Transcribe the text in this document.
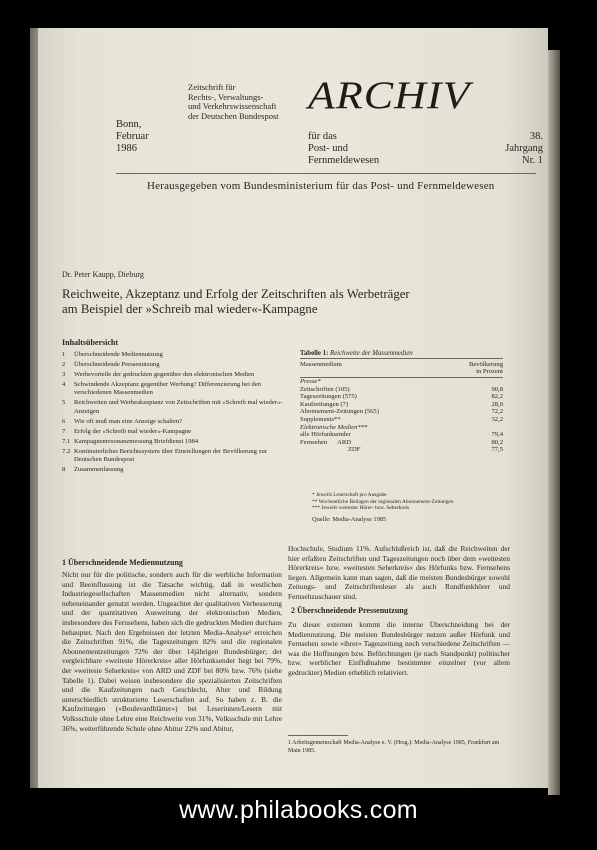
Zeitschrift für
Rechts-, Verwaltungs-
und Verkehrswissenschaft
der Deutschen Bundespost ARCHIV
Bonn,
Februar
1986
für das
Post- und
Fernmeldewesen
38.
Jahrgang
Nr. 1
Herausgegeben vom Bundesministerium für das Post- und Fernmeldewesen
Dr. Peter Kaupp, Dieburg
Reichweite, Akzeptanz und Erfolg der Zeitschriften als Werbeträger
am Beispiel der »Schreib mal wieder«-Kampagne
Inhaltsübersicht
1	Überschneidende Mediennutzung
2	Überschneidende Pressenutzung
3	Werbevorteile der gedruckten gegenüber den elektronischen Medien
4	Schwindende Akzeptanz gegenüber Werbung? Differenzierung bei den verschiedenen Massenmedien
5	Reichweiten und Werbeakzeptanz von Zeitschriften mit »Schreib mal wieder«-Anzeigen
6	Wie oft muß man eine Anzeige schalten?
7	Erfolg der »Schreib mal wieder«-Kampagne
7.1 Kampagnenresonanzmessung Briefdienst 1984
7.2 Kontinuierliches Berichtssystem über Einstellungen der Bevölkerung zur Deutschen Bundespost
8	Zusammenfassung
Tabelle 1: Reichweite der Massenmedien
Massenmedium	Bevölkerung
in Prozent

Presse*	
Zeitschriften (105)	90,8
Tageszeitungen (575)	82,2
Kaufzeitungen (7)	28,0
Abonnement-Zeitungen (565)	72,2
Supplements**	32,2
Elektronische Medien***	
alle Hörfunksender	79,4
Fernsehen ARD	80,2
ZDF	77,5
* Jeweils Leserschaft pro Ausgabe
** Wochentliche Beilagen der regionalen Abonnement-Zeitungen
*** Jeweils weitester Hörer- bzw. Seherkreis
Quelle: Media-Analyse 1985
1 Überschneidende Mediennutzung
Nicht nur für die politische, sondern auch für die werbliche Information und Beeinflussung ist die Tatsache wichtig, daß in westlichen Industriegesellschaften Massenmedien nicht alternativ, sondern nebeneinander genutzt werden. Ungeachtet der qualitativen Verbesserung und der quantitativen Ausweitung der elektronischen Medien, insbesondere des Fernsehens, haben sich die gedruckten Medien durchaus behauptet. Nach den Ergebnissen der letzten Media-Analyse¹ erreichen die Zeitschriften 91%, die Tageszeitungen 82% und die regionalen Abonnementzeitungen 72% der über 14jährigen Bundesbürger; der vergleichbare »weiteste Hörerkreis« aller Hörfunksender liegt bei 79%, der »weiteste Seherkreis« von ARD und ZDF bei 80% bzw. 76% (siehe Tabelle 1). Dabei weisen insbesondere die spezialisierten Zeitschriften und die Kaufzeitungen nach Geschlecht, Alter und Bildung unterschiedlich strukturierte Leserschaften auf. So haben z. B. die Kaufzeitungen (»Boulevardblätter«) bei Leserinnen/Lesern mit Volksschule ohne Lehre eine Reichweite von 31%, Volksschule mit Lehre 36%, weiterführende Schule ohne Abitur 22% und Abitur,
Hochschule, Studium 11%. Aufschlußreich ist, daß die Reichweiten der hier erfaßten Zeitschriften und Tageszeitungen noch über dem »weitesten Hörerkreis« bzw. »weitesten Seherkreis« des Hörfunks bzw. Fernsehens liegen. Allgemein kann man sagen, daß die meisten Bundesbürger sowohl Zeitungs- und Zeitschriftenleser als auch Rundfunkhörer und Fernsehzuschauer sind.
2 Überschneidende Pressenutzung
Zu dieser externen kommt die interne Überschneidung bei der Mediennutzung. Die meisten Bundesbürger nutzen außer Hörfunk und Fernsehen sowie »ihrer« Tageszeitung noch verschiedene Zeitschriften — was die Hoffnungen bzw. Befürchtungen (je nach Standpunkt) politischer bzw. werblicher Einflußnahme bestimmter einzelner (vor allem gedruckter) Medien erheblich relativiert.
1 Arbeitsgemeinschaft Media-Analyse e. V. (Hrsg.): Media-Analyse 1985, Frankfurt am Main 1985.
www.philabooks.com
